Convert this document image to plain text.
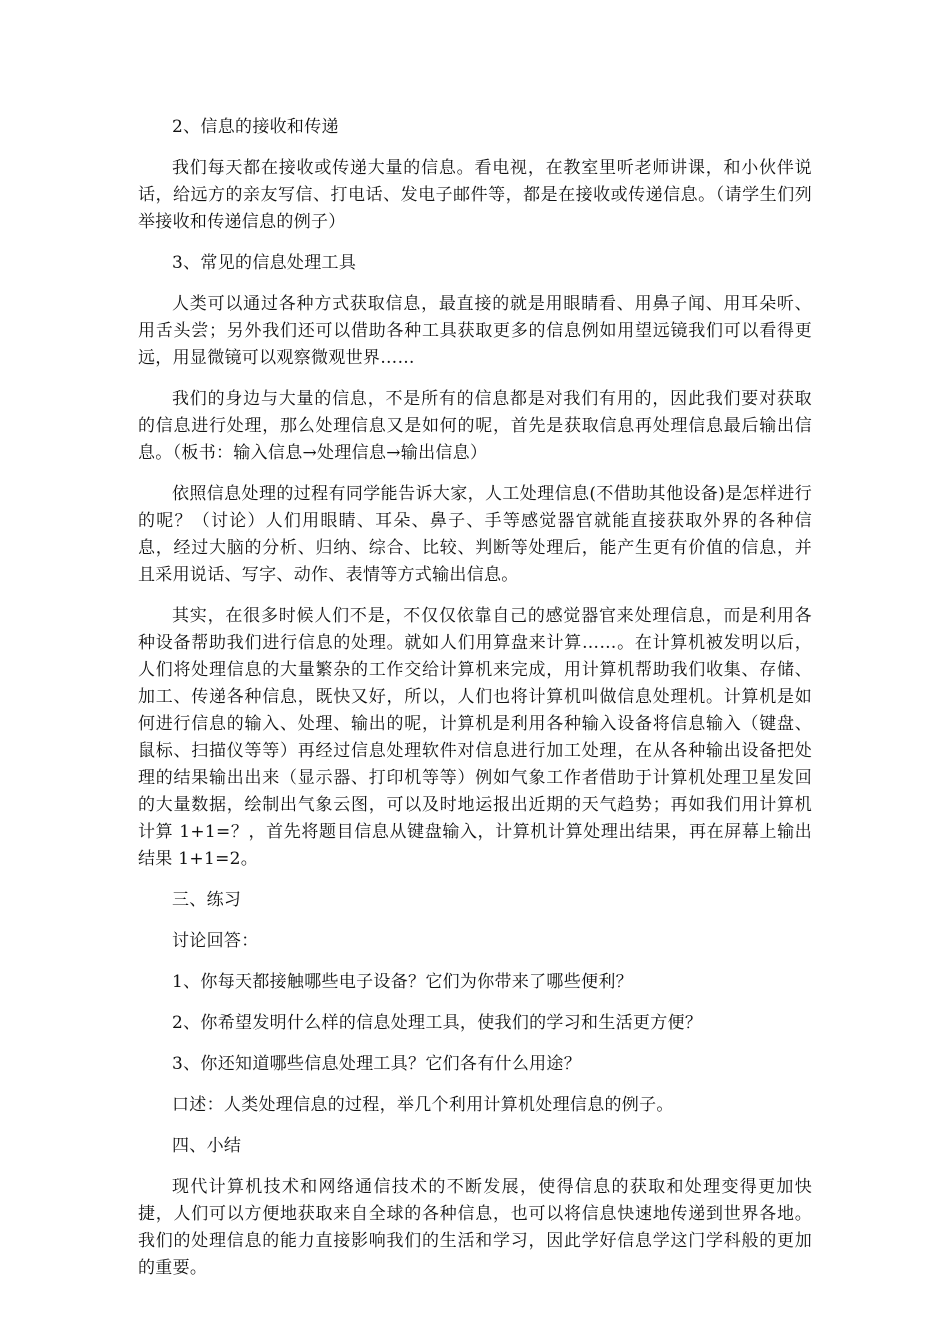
2、信息的接收和传递

我们每天都在接收或传递大量的信息。看电视，在教室里听老师讲课，和小伙伴说话，给远方的亲友写信、打电话、发电子邮件等，都是在接收或传递信息。（请学生们列举接收和传递信息的例子）

3、常见的信息处理工具

人类可以通过各种方式获取信息，最直接的就是用眼睛看、用鼻子闻、用耳朵听、用舌头尝；另外我们还可以借助各种工具获取更多的信息例如用望远镜我们可以看得更远，用显微镜可以观察微观世界……

我们的身边与大量的信息，不是所有的信息都是对我们有用的，因此我们要对获取的信息进行处理，那么处理信息又是如何的呢，首先是获取信息再处理信息最后输出信息。（板书：输入信息→处理信息→输出信息）

依照信息处理的过程有同学能告诉大家，人工处理信息(不借助其他设备)是怎样进行的呢？（讨论）人们用眼睛、耳朵、鼻子、手等感觉器官就能直接获取外界的各种信息，经过大脑的分析、归纳、综合、比较、判断等处理后，能产生更有价值的信息，并且采用说话、写字、动作、表情等方式输出信息。

其实，在很多时候人们不是，不仅仅依靠自己的感觉器官来处理信息，而是利用各种设备帮助我们进行信息的处理。就如人们用算盘来计算……。在计算机被发明以后，人们将处理信息的大量繁杂的工作交给计算机来完成，用计算机帮助我们收集、存储、加工、传递各种信息，既快又好，所以，人们也将计算机叫做信息处理机。计算机是如何进行信息的输入、处理、输出的呢，计算机是利用各种输入设备将信息输入（键盘、鼠标、扫描仪等等）再经过信息处理软件对信息进行加工处理，在从各种输出设备把处理的结果输出出来（显示器、打印机等等）例如气象工作者借助于计算机处理卫星发回的大量数据，绘制出气象云图，可以及时地运报出近期的天气趋势；再如我们用计算机计算 1+1=？，首先将题目信息从键盘输入，计算机计算处理出结果，再在屏幕上输出结果 1+1=2。

三、练习

讨论回答：

1、你每天都接触哪些电子设备？它们为你带来了哪些便利？

2、你希望发明什么样的信息处理工具，使我们的学习和生活更方便？

3、你还知道哪些信息处理工具？它们各有什么用途？

口述：人类处理信息的过程，举几个利用计算机处理信息的例子。

四、小结

现代计算机技术和网络通信技术的不断发展，使得信息的获取和处理变得更加快捷，人们可以方便地获取来自全球的各种信息，也可以将信息快速地传递到世界各地。我们的处理信息的能力直接影响我们的生活和学习，因此学好信息学这门学科般的更加的重要。
